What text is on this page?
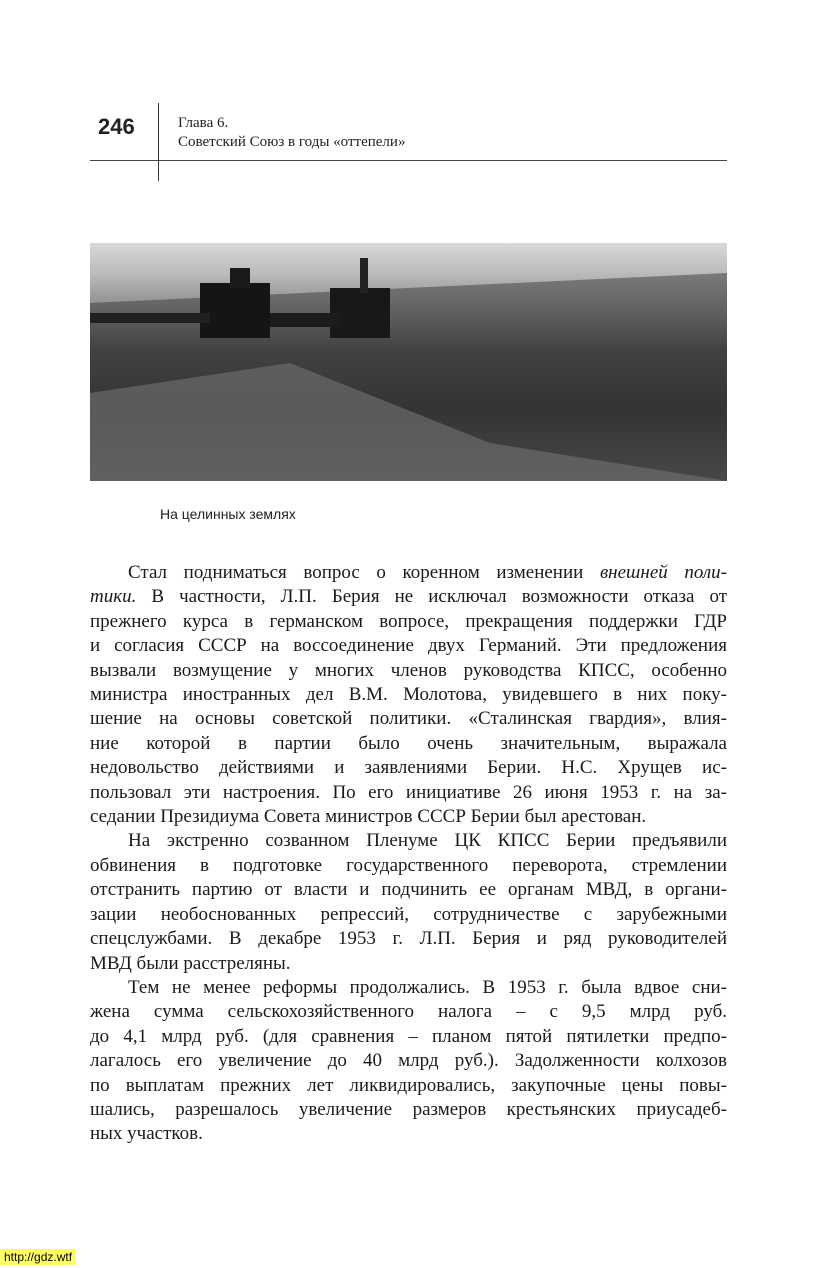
246	Глава 6.
Советский Союз в годы «оттепели»
На целинных землях
Стал подниматься вопрос о коренном изменении внешней поли-
тики. В частности, Л.П. Берия не исключал возможности отказа от
прежнего курса в германском вопросе, прекращения поддержки ГДР
и согласия СССР на воссоединение двух Германий. Эти предложения
вызвали возмущение у многих членов руководства КПСС, особенно
министра иностранных дел В.М. Молотова, увидевшего в них поку-
шение на основы советской политики. «Сталинская гвардия», влия-
ние которой в партии было очень значительным, выражала
недовольство действиями и заявлениями Берии. Н.С. Хрущев ис-
пользовал эти настроения. По его инициативе 26 июня 1953 г. на за-
седании Президиума Совета министров СССР Берии был арестован.
На экстренно созванном Пленуме ЦК КПСС Берии предъявили
обвинения в подготовке государственного переворота, стремлении
отстранить партию от власти и подчинить ее органам МВД, в органи-
зации необоснованных репрессий, сотрудничестве с зарубежными
спецслужбами. В декабре 1953 г. Л.П. Берия и ряд руководителей
МВД были расстреляны.
Тем не менее реформы продолжались. В 1953 г. была вдвое сни-
жена сумма сельскохозяйственного налога – с 9,5 млрд руб.
до 4,1 млрд руб. (для сравнения – планом пятой пятилетки предпо-
лагалось его увеличение до 40 млрд руб.). Задолженности колхозов
по выплатам прежних лет ликвидировались, закупочные цены повы-
шались, разрешалось увеличение размеров крестьянских приусадеб-
ных участков.
http://gdz.wtf
